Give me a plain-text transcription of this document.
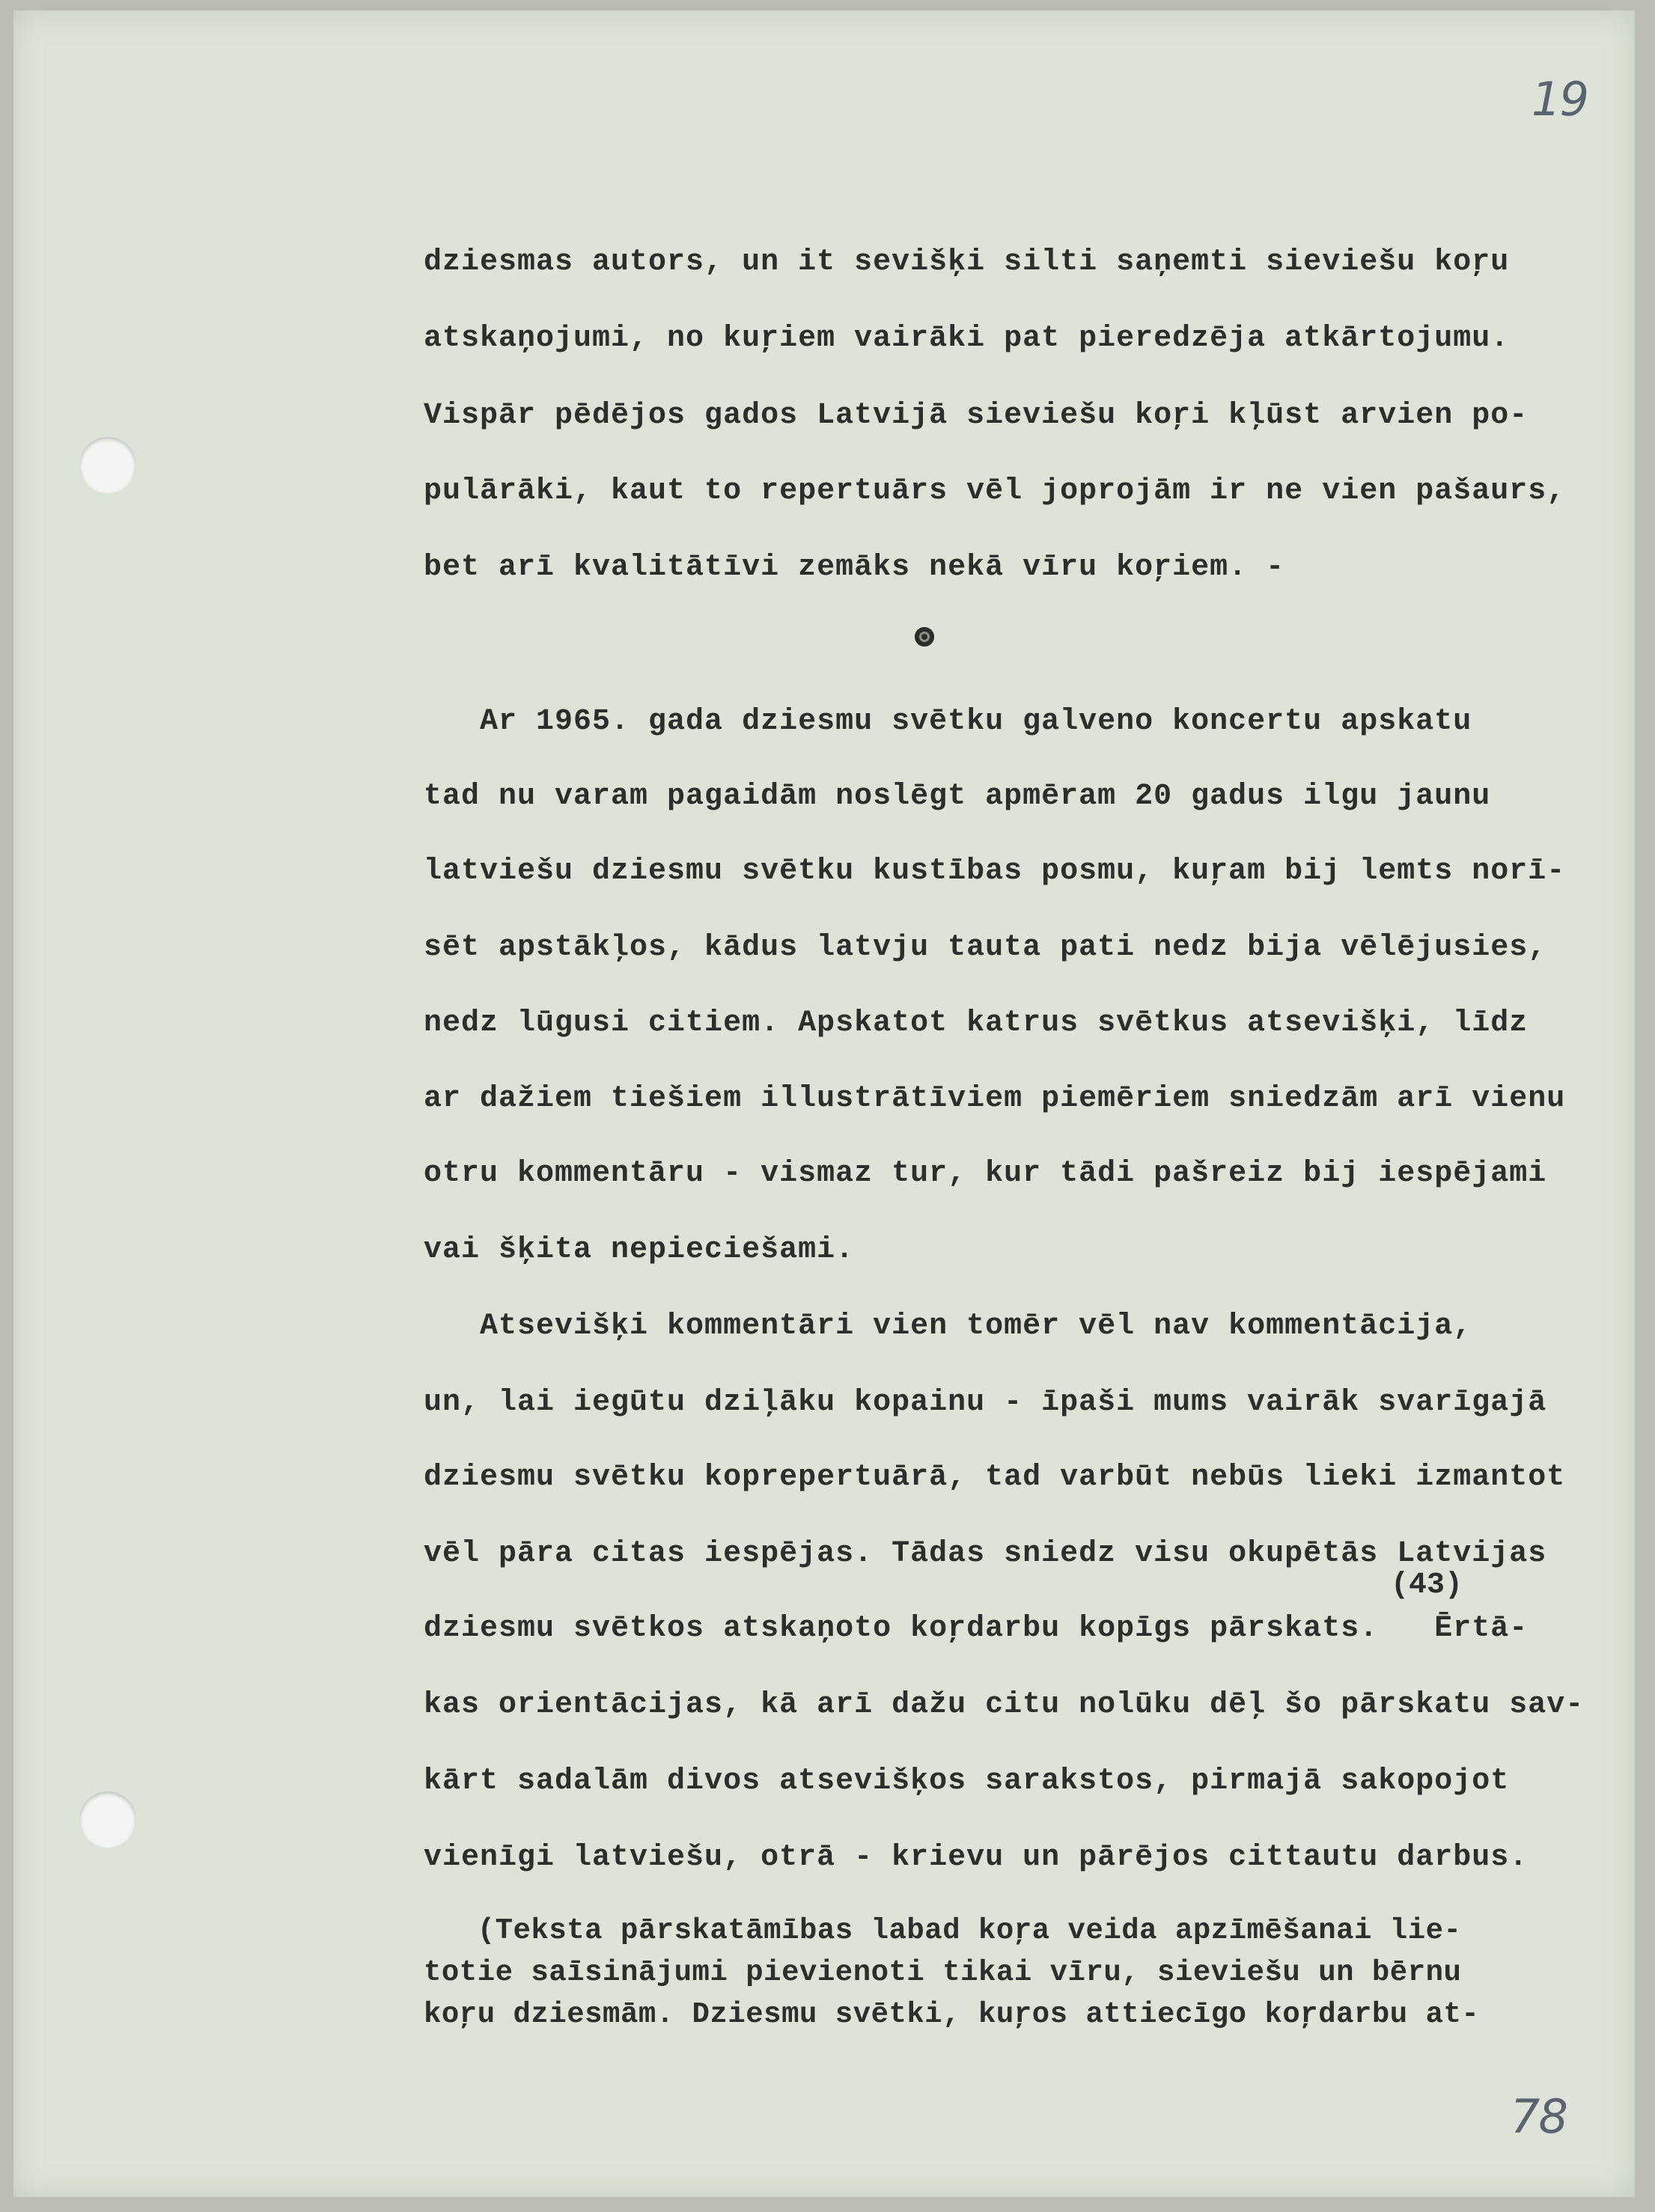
19
78
dziesmas autors, un it sevišķi silti saņemti sieviešu koŗu
atskaņojumi, no kuŗiem vairāki pat pieredzēja atkārtojumu.
Vispār pēdējos gados Latvijā sieviešu koŗi kļūst arvien po-
pulārāki, kaut to repertuārs vēl joprojām ir ne vien pašaurs,
bet arī kvalitātīvi zemāks nekā vīru koŗiem. -
Ar 1965. gada dziesmu svētku galveno koncertu apskatu
tad nu varam pagaidām noslēgt apmēram 20 gadus ilgu jaunu
latviešu dziesmu svētku kustības posmu, kuŗam bij lemts norī-
sēt apstākļos, kādus latvju tauta pati nedz bija vēlējusies,
nedz lūgusi citiem. Apskatot katrus svētkus atsevišķi, līdz
ar dažiem tiešiem illustrātīviem piemēriem sniedzām arī vienu
otru kommentāru - vismaz tur, kur tādi pašreiz bij iespējami
vai šķita nepieciešami.
Atsevišķi kommentāri vien tomēr vēl nav kommentācija,
un, lai iegūtu dziļāku kopainu - īpaši mums vairāk svarīgajā
dziesmu svētku koprepertuārā, tad varbūt nebūs lieki izmantot
vēl pāra citas iespējas. Tādas sniedz visu okupētās Latvijas
(43)
dziesmu svētkos atskaņoto koŗdarbu kopīgs pārskats.   Ērtā-
kas orientācijas, kā arī dažu citu nolūku dēļ šo pārskatu sav-
kārt sadalām divos atsevišķos sarakstos, pirmajā sakopojot
vienīgi latviešu, otrā - krievu un pārējos cittautu darbus.
(Teksta pārskatāmības labad koŗa veida apzīmēšanai lie-
totie saīsinājumi pievienoti tikai vīru, sieviešu un bērnu
koŗu dziesmām. Dziesmu svētki, kuŗos attiecīgo koŗdarbu at-
